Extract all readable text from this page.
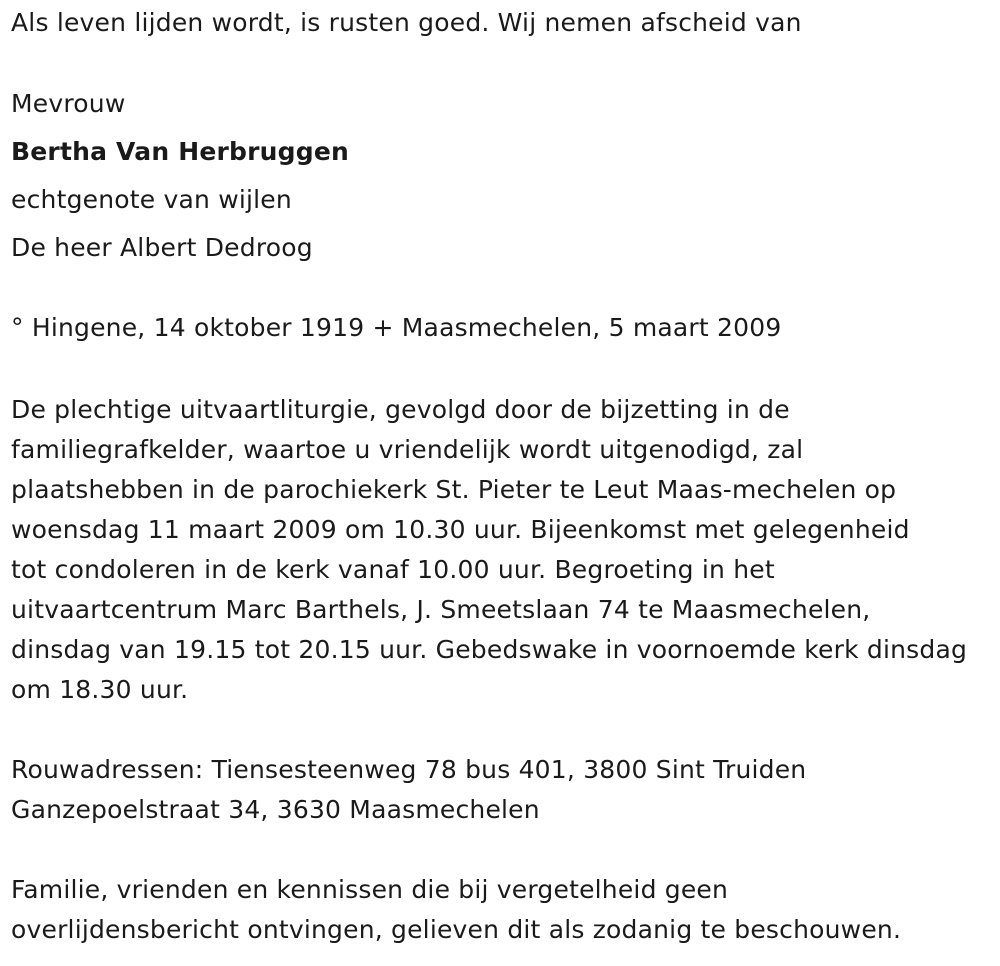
Als leven lijden wordt, is rusten goed. Wij nemen afscheid van
Mevrouw
Bertha Van Herbruggen
echtgenote van wijlen
De heer Albert Dedroog
° Hingene, 14 oktober 1919 + Maasmechelen, 5 maart 2009
De plechtige uitvaartliturgie, gevolgd door de bijzetting in de
familiegrafkelder, waartoe u vriendelijk wordt uitgenodigd, zal
plaatshebben in de parochiekerk St. Pieter te Leut Maas-mechelen op
woensdag 11 maart 2009 om 10.30 uur. Bijeenkomst met gelegenheid
tot condoleren in de kerk vanaf 10.00 uur. Begroeting in het
uitvaartcentrum Marc Barthels, J. Smeetslaan 74 te Maasmechelen,
dinsdag van 19.15 tot 20.15 uur. Gebedswake in voornoemde kerk dinsdag
om 18.30 uur.
Rouwadressen: Tiensesteenweg 78 bus 401, 3800 Sint Truiden
Ganzepoelstraat 34, 3630 Maasmechelen
Familie, vrienden en kennissen die bij vergetelheid geen
overlijdensbericht ontvingen, gelieven dit als zodanig te beschouwen.
